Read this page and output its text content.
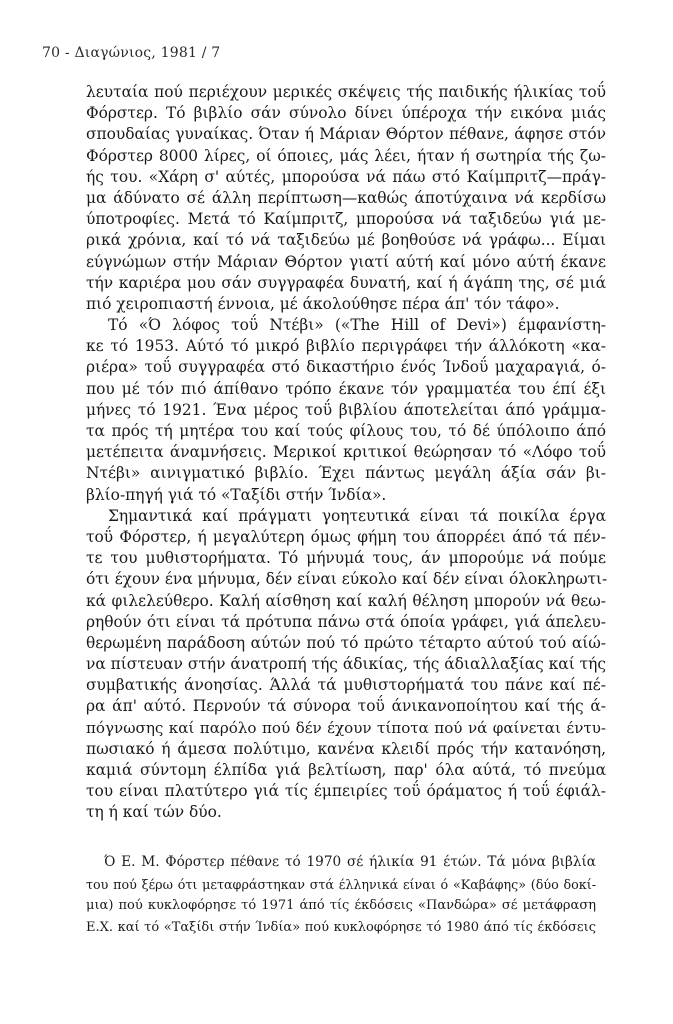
70 - Διαγώνιος, 1981 / 7
λευταία πού περιέχουν μερικές σκέψεις τής παιδικής ήλικίας τοΰ
Φόρστερ. Τό βιβλίο σάν σύνολο δίνει ύπέροχα τήν εικόνα μιάς
σπουδαίας γυναίκας. Όταν ή Μάριαν Θόρτον πέθανε, άφησε στόν
Φόρστερ 8000 λίρες, οί όποιες, μάς λέει, ήταν ή σωτηρία τής ζω-
ής του. «Χάρη σ' αύτές, μπορούσα νά πάω στό Καίμπριτζ—πράγ-
μα άδύνατο σέ άλλη περίπτωση—καθώς άποτύχαινα νά κερδίσω
ύποτροφίες. Μετά τό Καίμπριτζ, μπορούσα νά ταξιδεύω γιά με-
ρικά χρόνια, καί τό νά ταξιδεύω μέ βοηθούσε νά γράφω... Είμαι
εύγνώμων στήν Μάριαν Θόρτον γιατί αύτή καί μόνο αύτή έκανε
τήν καριέρα μου σάν συγγραφέα δυνατή, καί ή άγάπη της, σέ μιά
πιό χειροπιαστή έννοια, μέ άκολούθησε πέρα άπ' τόν τάφο».
Τό «Ό λόφος τοΰ Ντέβι» («The Hill of Devi») έμφανίστη-
κε τό 1953. Αύτό τό μικρό βιβλίο περιγράφει τήν άλλόκοτη «κα-
ριέρα» τοΰ συγγραφέα στό δικαστήριο ένός Ίνδοΰ μαχαραγιά, ό-
που μέ τόν πιό άπίθανο τρόπο έκανε τόν γραμματέα του έπί έξι
μήνες τό 1921. Ένα μέρος τοΰ βιβλίου άποτελείται άπό γράμμα-
τα πρός τή μητέρα του καί τούς φίλους του, τό δέ ύπόλοιπο άπό
μετέπειτα άναμνήσεις. Μερικοί κριτικοί θεώρησαν τό «Λόφο τοΰ
Ντέβι» αινιγματικό βιβλίο. Έχει πάντως μεγάλη άξία σάν βι-
βλίο-πηγή γιά τό «Ταξίδι στήν Ίνδία».
Σημαντικά καί πράγματι γοητευτικά είναι τά ποικίλα έργα
τοΰ Φόρστερ, ή μεγαλύτερη όμως φήμη του άπορρέει άπό τά πέν-
τε του μυθιστορήματα. Τό μήνυμά τους, άν μπορούμε νά πούμε
ότι έχουν ένα μήνυμα, δέν είναι εύκολο καί δέν είναι όλοκληρωτι-
κά φιλελεύθερο. Καλή αίσθηση καί καλή θέληση μπορούν νά θεω-
ρηθούν ότι είναι τά πρότυπα πάνω στά όποία γράφει, γιά άπελευ-
θερωμένη παράδοση αύτών πού τό πρώτο τέταρτο αύτού τού αίώ-
να πίστευαν στήν άνατροπή τής άδικίας, τής άδιαλλαξίας καί τής
συμβατικής άνοησίας. Άλλά τά μυθιστορήματά του πάνε καί πέ-
ρα άπ' αύτό. Περνούν τά σύνορα τοΰ άνικανοποίητου καί τής ά-
πόγνωσης καί παρόλο πού δέν έχουν τίποτα πού νά φαίνεται έντυ-
πωσιακό ή άμεσα πολύτιμο, κανένα κλειδί πρός τήν κατανόηση,
καμιά σύντομη έλπίδα γιά βελτίωση, παρ' όλα αύτά, τό πνεύμα
του είναι πλατύτερο γιά τίς έμπειρίες τοΰ όράματος ή τοΰ έφιάλ-
τη ή καί τών δύο.
Ό Ε. Μ. Φόρστερ πέθανε τό 1970 σέ ήλικία 91 έτών. Τά μόνα βιβλία
του πού ξέρω ότι μεταφράστηκαν στά έλληνικά είναι ό «Καβάφης» (δύο δοκί-
μια) πού κυκλοφόρησε τό 1971 άπό τίς έκδόσεις «Πανδώρα» σέ μετάφραση
Ε.Χ. καί τό «Ταξίδι στήν Ίνδία» πού κυκλοφόρησε τό 1980 άπό τίς έκδόσεις
